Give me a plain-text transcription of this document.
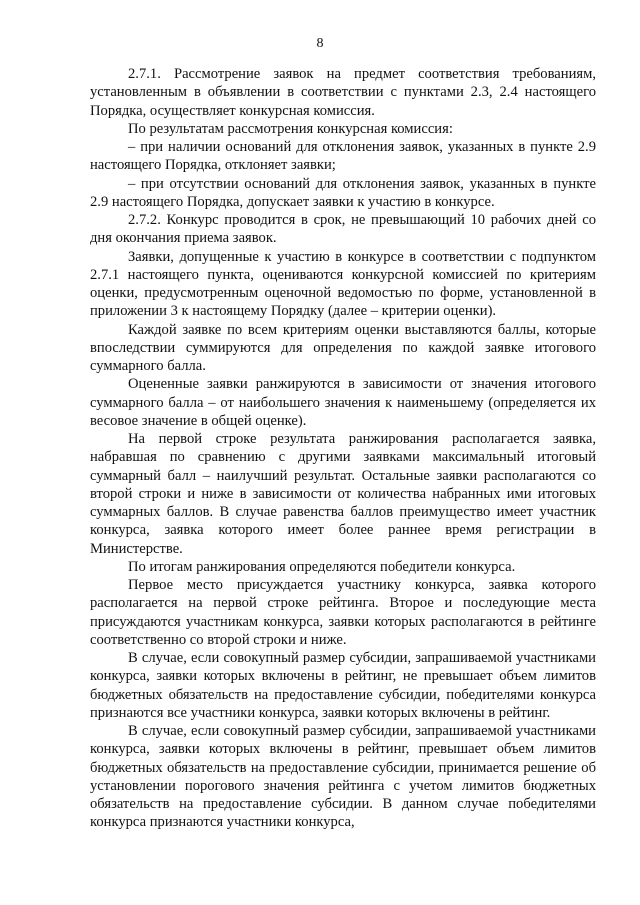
8

2.7.1. Рассмотрение заявок на предмет соответствия требованиям, установленным в объявлении в соответствии с пунктами 2.3, 2.4 настоящего Порядка, осуществляет конкурсная комиссия.

По результатам рассмотрения конкурсная комиссия:

– при наличии оснований для отклонения заявок, указанных в пункте 2.9 настоящего Порядка, отклоняет заявки;

– при отсутствии оснований для отклонения заявок, указанных в пункте 2.9 настоящего Порядка, допускает заявки к участию в конкурсе.

2.7.2. Конкурс проводится в срок, не превышающий 10 рабочих дней со дня окончания приема заявок.

Заявки, допущенные к участию в конкурсе в соответствии с подпунктом 2.7.1 настоящего пункта, оцениваются конкурсной комиссией по критериям оценки, предусмотренным оценочной ведомостью по форме, установленной в приложении 3 к настоящему Порядку (далее – критерии оценки).

Каждой заявке по всем критериям оценки выставляются баллы, которые впоследствии суммируются для определения по каждой заявке итогового суммарного балла.

Оцененные заявки ранжируются в зависимости от значения итогового суммарного балла – от наибольшего значения к наименьшему (определяется их весовое значение в общей оценке).

На первой строке результата ранжирования располагается заявка, набравшая по сравнению с другими заявками максимальный итоговый суммарный балл – наилучший результат. Остальные заявки располагаются со второй строки и ниже в зависимости от количества набранных ими итоговых суммарных баллов. В случае равенства баллов преимущество имеет участник конкурса, заявка которого имеет более раннее время регистрации в Министерстве.

По итогам ранжирования определяются победители конкурса.

Первое место присуждается участнику конкурса, заявка которого располагается на первой строке рейтинга. Второе и последующие места присуждаются участникам конкурса, заявки которых располагаются в рейтинге соответственно со второй строки и ниже.

В случае, если совокупный размер субсидии, запрашиваемой участниками конкурса, заявки которых включены в рейтинг, не превышает объем лимитов бюджетных обязательств на предоставление субсидии, победителями конкурса признаются все участники конкурса, заявки которых включены в рейтинг.

В случае, если совокупный размер субсидии, запрашиваемой участниками конкурса, заявки которых включены в рейтинг, превышает объем лимитов бюджетных обязательств на предоставление субсидии, принимается решение об установлении порогового значения рейтинга с учетом лимитов бюджетных обязательств на предоставление субсидии. В данном случае победителями конкурса признаются участники конкурса,
